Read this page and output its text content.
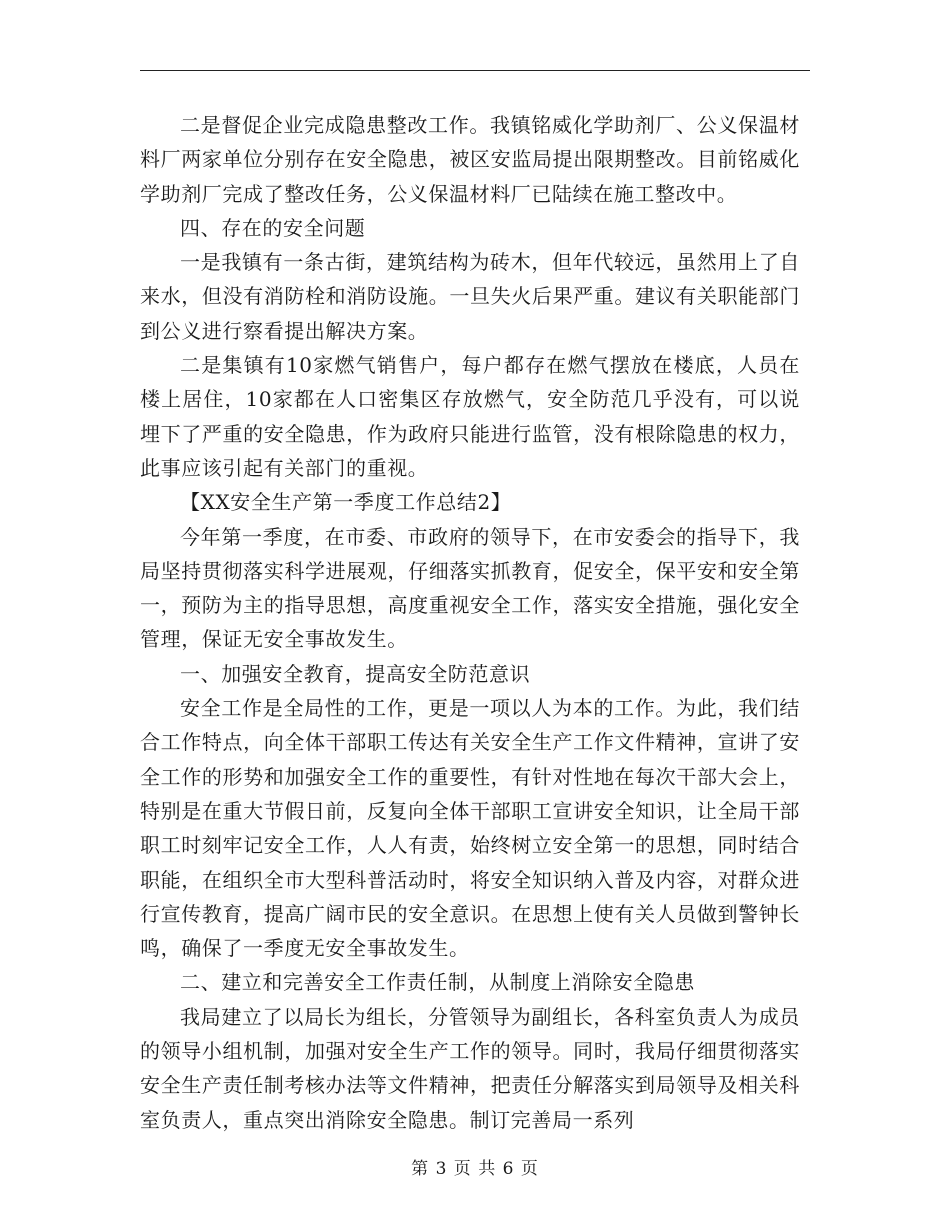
二是督促企业完成隐患整改工作。我镇铭威化学助剂厂、公义保温材料厂两家单位分别存在安全隐患，被区安监局提出限期整改。目前铭威化学助剂厂完成了整改任务，公义保温材料厂已陆续在施工整改中。

四、存在的安全问题

一是我镇有一条古街，建筑结构为砖木，但年代较远，虽然用上了自来水，但没有消防栓和消防设施。一旦失火后果严重。建议有关职能部门到公义进行察看提出解决方案。

二是集镇有10家燃气销售户，每户都存在燃气摆放在楼底，人员在楼上居住，10家都在人口密集区存放燃气，安全防范几乎没有，可以说埋下了严重的安全隐患，作为政府只能进行监管，没有根除隐患的权力，此事应该引起有关部门的重视。

【XX安全生产第一季度工作总结2】

今年第一季度，在市委、市政府的领导下，在市安委会的指导下，我局坚持贯彻落实科学进展观，仔细落实抓教育，促安全，保平安和安全第一，预防为主的指导思想，高度重视安全工作，落实安全措施，强化安全管理，保证无安全事故发生。

一、加强安全教育，提高安全防范意识

安全工作是全局性的工作，更是一项以人为本的工作。为此，我们结合工作特点，向全体干部职工传达有关安全生产工作文件精神，宣讲了安全工作的形势和加强安全工作的重要性，有针对性地在每次干部大会上，特别是在重大节假日前，反复向全体干部职工宣讲安全知识，让全局干部职工时刻牢记安全工作，人人有责，始终树立安全第一的思想，同时结合职能，在组织全市大型科普活动时，将安全知识纳入普及内容，对群众进行宣传教育，提高广阔市民的安全意识。在思想上使有关人员做到警钟长鸣，确保了一季度无安全事故发生。

二、建立和完善安全工作责任制，从制度上消除安全隐患

我局建立了以局长为组长，分管领导为副组长，各科室负责人为成员的领导小组机制，加强对安全生产工作的领导。同时，我局仔细贯彻落实安全生产责任制考核办法等文件精神，把责任分解落实到局领导及相关科室负责人，重点突出消除安全隐患。制订完善局一系列

第 3 页 共 6 页
